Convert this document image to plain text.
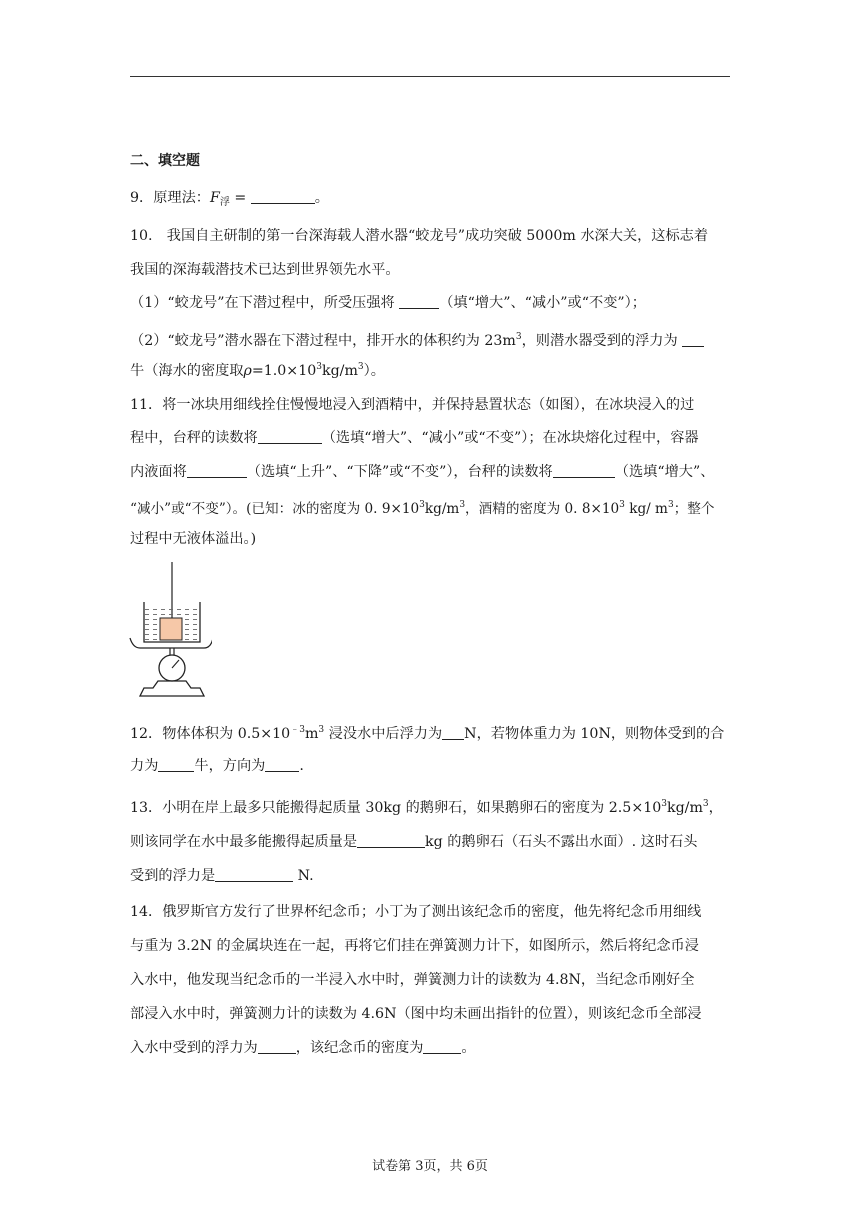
二、填空题
9．原理法：$F_浮$ =	。
10.　我国自主研制的第一台深海载人潜水器“蛟龙号”成功突破 5000m 水深大关，这标志着
我国的深海载潜技术已达到世界领先水平。
（1）“蛟龙号”在下潜过程中，所受压强将	（填“增大”、“减小”或“不变”）；
（2）“蛟龙号”潜水器在下潜过程中，排开水的体积约为 $23m^3$，则潜水器受到的浮力为
牛（海水的密度取$\rho=1.0\times 10^3kg/m^3$）。
11．将一冰块用细线拴住慢慢地浸入到酒精中，并保持悬置状态（如图），在冰块浸入的过
程中，台秤的读数将	（选填“增大”、“减小”或“不变”）；在冰块熔化过程中，容器
内液面将	（选填“上升”、“下降”或“不变”），台秤的读数将	（选填“增大”、
“减小”或“不变”）。(已知：冰的密度为 0. $9\times 10^3kg/m^3$，酒精的密度为 0. $8\times 10^3$ kg/ $m^3$；整个
过程中无液体溢出。)
12．物体体积为 $0.5\times 10^{﹣3}m^3$ 浸没水中后浮力为 N，若物体重力为 10N，则物体受到的合
力为	牛，方向为 .
13．小明在岸上最多只能搬得起质量 30kg 的鹅卵石，如果鹅卵石的密度为 $2.5\times 10^3kg/m^3$，
则该同学在水中最多能搬得起质量是	kg 的鹅卵石（石头不露出水面）. 这时石头
受到的浮力是	N.
14．俄罗斯官方发行了世界杯纪念币；小丁为了测出该纪念币的密度，他先将纪念币用细线
与重为 3.2N 的金属块连在一起，再将它们挂在弹簧测力计下，如图所示，然后将纪念币浸
入水中，他发现当纪念币的一半浸入水中时，弹簧测力计的读数为 4.8N，当纪念币刚好全
部浸入水中时，弹簧测力计的读数为 4.6N（图中均未画出指针的位置），则该纪念币全部浸
入水中受到的浮力为	，该纪念币的密度为	。
试卷第 3页，共 6页
